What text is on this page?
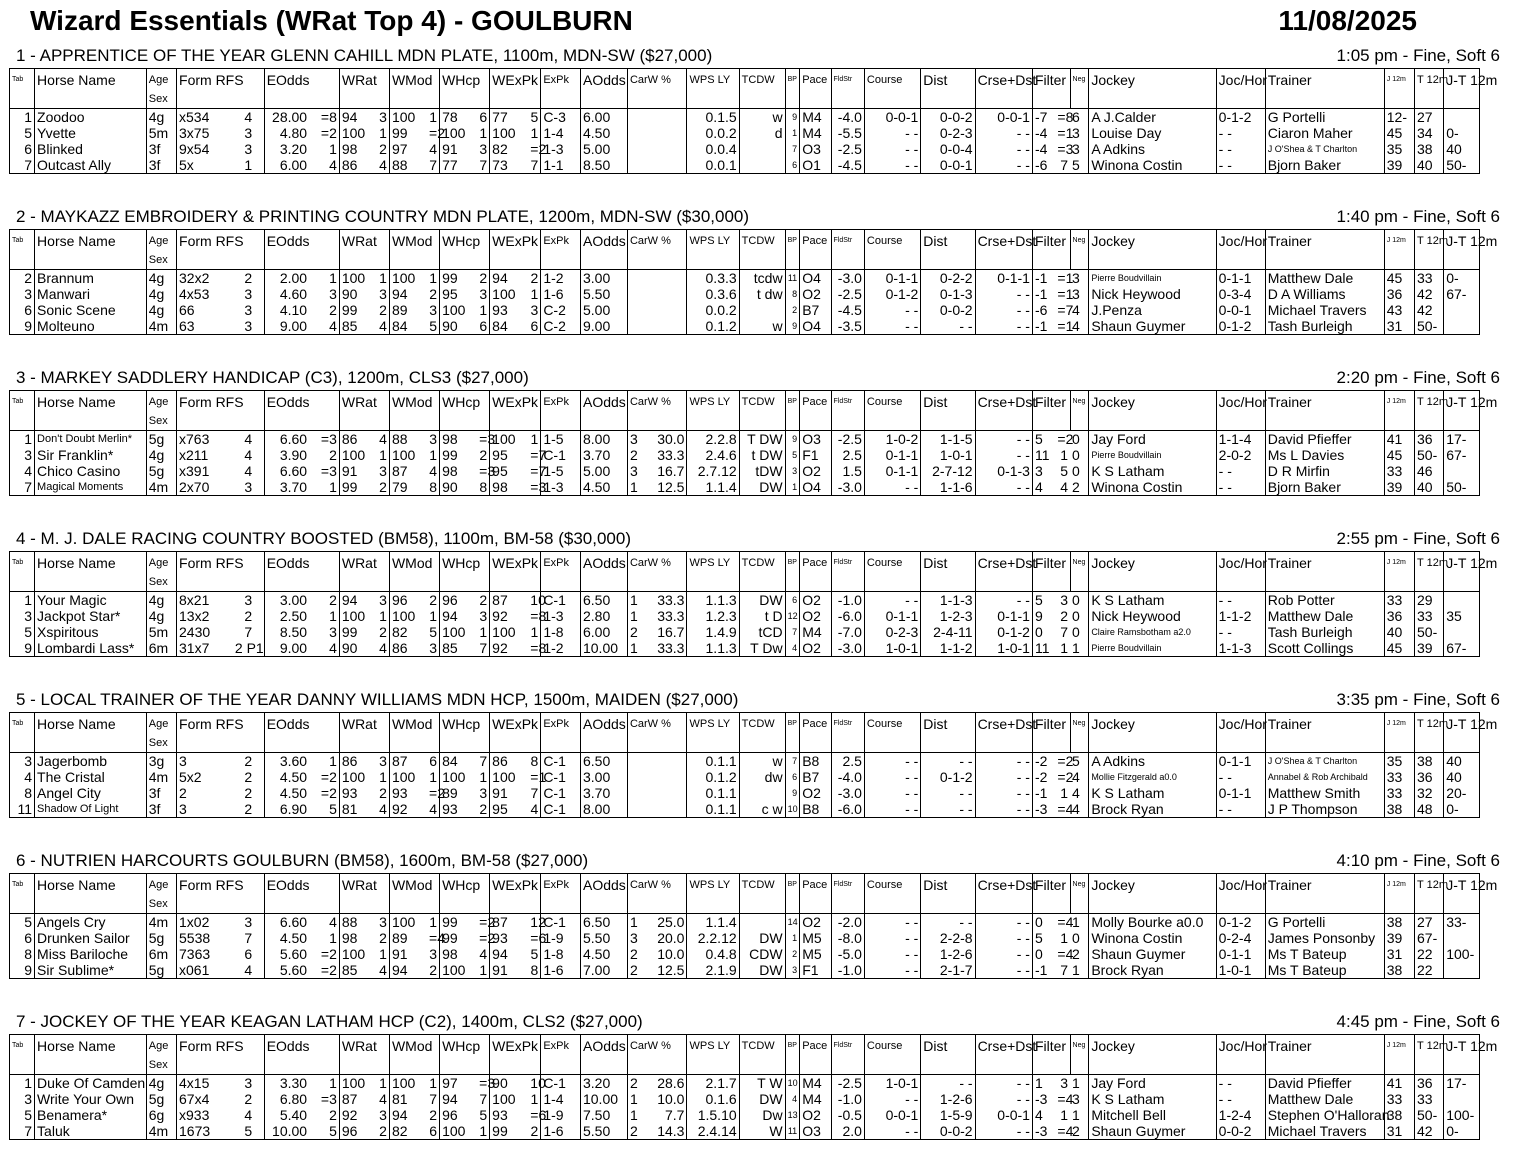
Wizard Essentials (WRat Top 4) - GOULBURN	11/08/2025
1 - APPRENTICE OF THE YEAR GLENN CAHILL MDN PLATE, 1100m, MDN-SW ($27,000)	1:05 pm - Fine, Soft 6
Tab	Horse Name	Age	Form RFS		EOdds		WRat		WMod		WHcp		WExPk		ExPk	AOdds	CarW %		WPS LY	TCDW	BP	Pace	FldStr	Course	Dist	Crse+Dst	Filter		Neg	Jockey	Joc/Hor	Trainer	J 12m	T 12m	J-T 12m
		Sex																																	
1	Zoodoo	4g	x534	4	28.00	=8	94	3	100	1	78	6	77	5	C-3	6.00			0.1.5	w	9	M4	-4.0	0-0-1	0-0-2	0-0-1	-7	=8	6	A J.Calder	0-1-2	G Portelli	12-	27	
5	Yvette	5m	3x75	3	4.80	=2	100	1	99	=2	100	1	100	1	1-4	4.50			0.0.2	d	1	M4	-5.5	- -	0-2-3	- -	-4	=1	3	Louise Day	- -	Ciaron Maher	45	34	0-
6	Blinked	3f	9x54	3	3.20	1	98	2	97	4	91	3	82	=2	1-3	5.00			0.0.4		7	O3	-2.5	- -	0-0-4	- -	-4	=3	3	A Adkins	- -	J O'Shea & T Charlton	35	38	40
7	Outcast Ally	3f	5x	1	6.00	4	86	4	88	7	77	7	73	7	1-1	8.50			0.0.1		6	O1	-4.5	- -	0-0-1	- -	-6	7	5	Winona Costin	- -	Bjorn Baker	39	40	50-
2 - MAYKAZZ EMBROIDERY & PRINTING COUNTRY MDN PLATE, 1200m, MDN-SW ($30,000)	1:40 pm - Fine, Soft 6
Tab	Horse Name	Age	Form RFS		EOdds		WRat		WMod		WHcp		WExPk		ExPk	AOdds	CarW %		WPS LY	TCDW	BP	Pace	FldStr	Course	Dist	Crse+Dst	Filter		Neg	Jockey	Joc/Hor	Trainer	J 12m	T 12m	J-T 12m
		Sex																																	
2	Brannum	4g	32x2	2	2.00	1	100	1	100	1	99	2	94	2	1-2	3.00			0.3.3	tcdw	11	O4	-3.0	0-1-1	0-2-2	0-1-1	-1	=1	3	Pierre Boudvillain	0-1-1	Matthew Dale	45	33	0-
3	Manwari	4g	4x53	3	4.60	3	90	3	94	2	95	3	100	1	1-6	5.50			0.3.6	t dw	8	O2	-2.5	0-1-2	0-1-3	- -	-1	=1	3	Nick Heywood	0-3-4	D A Williams	36	42	67-
6	Sonic Scene	4g	66	3	4.10	2	99	2	89	3	100	1	93	3	C-2	5.00			0.0.2		2	B7	-4.5	- -	0-0-2	- -	-6	=7	4	J.Penza	0-0-1	Michael Travers	43	42	
9	Molteuno	4m	63	3	9.00	4	85	4	84	5	90	6	84	6	C-2	9.00			0.1.2	w	9	O4	-3.5	- -	- -	- -	-1	=1	4	Shaun Guymer	0-1-2	Tash Burleigh	31	50-	
3 - MARKEY SADDLERY HANDICAP (C3), 1200m, CLS3 ($27,000)	2:20 pm - Fine, Soft 6
Tab	Horse Name	Age	Form RFS		EOdds		WRat		WMod		WHcp		WExPk		ExPk	AOdds	CarW %		WPS LY	TCDW	BP	Pace	FldStr	Course	Dist	Crse+Dst	Filter		Neg	Jockey	Joc/Hor	Trainer	J 12m	T 12m	J-T 12m
		Sex																																	
1	Don't Doubt Merlin*	5g	x763	4	6.60	=3	86	4	88	3	98	=3	100	1	1-5	8.00	3	30.0	2.2.8	T DW	9	O3	-2.5	1-0-2	1-1-5	- -	5	=2	0	Jay Ford	1-1-4	David Pfieffer	41	36	17-
3	Sir Franklin*	4g	x211	4	3.90	2	100	1	100	1	99	2	95	=7	C-1	3.70	2	33.3	2.4.6	t DW	5	F1	2.5	0-1-1	1-0-1	- -	11	1	0	Pierre Boudvillain	2-0-2	Ms L Davies	45	50-	67-
4	Chico Casino	5g	x391	4	6.60	=3	91	3	87	4	98	=3	95	=7	1-5	5.00	3	16.7	2.7.12	tDW	3	O2	1.5	0-1-1	2-7-12	0-1-3	3	5	0	K S Latham	- -	D R Mirfin	33	46	
7	Magical Moments	4m	2x70	3	3.70	1	99	2	79	8	90	8	98	=3	1-3	4.50	1	12.5	1.1.4	DW	1	O4	-3.0	- -	1-1-6	- -	4	4	2	Winona Costin	- -	Bjorn Baker	39	40	50-
4 - M. J. DALE RACING COUNTRY BOOSTED (BM58), 1100m, BM-58 ($30,000)	2:55 pm - Fine, Soft 6
Tab	Horse Name	Age	Form RFS		EOdds		WRat		WMod		WHcp		WExPk		ExPk	AOdds	CarW %		WPS LY	TCDW	BP	Pace	FldStr	Course	Dist	Crse+Dst	Filter		Neg	Jockey	Joc/Hor	Trainer	J 12m	T 12m	J-T 12m
		Sex																																	
1	Your Magic	4g	8x21	3	3.00	2	94	3	96	2	96	2	87	10	C-1	6.50	1	33.3	1.1.3	DW	6	O2	-1.0	- -	1-1-3	- -	5	3	0	K S Latham	- -	Rob Potter	33	29	
3	Jackpot Star*	4g	13x2	2	2.50	1	100	1	100	1	94	3	92	=8	1-3	2.80	1	33.3	1.2.3	t D	12	O2	-6.0	0-1-1	1-2-3	0-1-1	9	2	0	Nick Heywood	1-1-2	Matthew Dale	36	33	35
5	Xspiritous	5m	2430	7	8.50	3	99	2	82	5	100	1	100	1	1-8	6.00	2	16.7	1.4.9	tCD	7	M4	-7.0	0-2-3	2-4-11	0-1-2	0	7	0	Claire Ramsbotham a2.0	- -	Tash Burleigh	40	50-	
9	Lombardi Lass*	6m	31x7	2 P1	9.00	4	90	4	86	3	85	7	92	=8	1-2	10.00	1	33.3	1.1.3	T Dw	4	O2	-3.0	1-0-1	1-1-2	1-0-1	11	1	1	Pierre Boudvillain	1-1-3	Scott Collings	45	39	67-
5 - LOCAL TRAINER OF THE YEAR DANNY WILLIAMS MDN HCP, 1500m, MAIDEN ($27,000)	3:35 pm - Fine, Soft 6
Tab	Horse Name	Age	Form RFS		EOdds		WRat		WMod		WHcp		WExPk		ExPk	AOdds	CarW %		WPS LY	TCDW	BP	Pace	FldStr	Course	Dist	Crse+Dst	Filter		Neg	Jockey	Joc/Hor	Trainer	J 12m	T 12m	J-T 12m
		Sex																																	
3	Jagerbomb	3g	3	2	3.60	1	86	3	87	6	84	7	86	8	C-1	6.50			0.1.1	w	7	B8	2.5	- -	- -	- -	-2	=2	5	A Adkins	0-1-1	J O'Shea & T Charlton	35	38	40
4	The Cristal	4m	5x2	2	4.50	=2	100	1	100	1	100	1	100	=1	C-1	3.00			0.1.2	dw	6	B7	-4.0	- -	0-1-2	- -	-2	=2	4	Mollie Fitzgerald a0.0	- -	Annabel & Rob Archibald	33	36	40
8	Angel City	3f	2	2	4.50	=2	93	2	93	=2	89	3	91	7	C-1	3.70			0.1.1		9	O2	-3.0	- -	- -	- -	-1	1	4	K S Latham	0-1-1	Matthew Smith	33	32	20-
11	Shadow Of Light	3f	3	2	6.90	5	81	4	92	4	93	2	95	4	C-1	8.00			0.1.1	c w	10	B8	-6.0	- -	- -	- -	-3	=4	4	Brock Ryan	- -	J P Thompson	38	48	0-
6 - NUTRIEN HARCOURTS GOULBURN (BM58), 1600m, BM-58 ($27,000)	4:10 pm - Fine, Soft 6
Tab	Horse Name	Age	Form RFS		EOdds		WRat		WMod		WHcp		WExPk		ExPk	AOdds	CarW %		WPS LY	TCDW	BP	Pace	FldStr	Course	Dist	Crse+Dst	Filter		Neg	Jockey	Joc/Hor	Trainer	J 12m	T 12m	J-T 12m
		Sex																																	
5	Angels Cry	4m	1x02	3	6.60	4	88	3	100	1	99	=2	87	12	C-1	6.50	1	25.0	1.1.4		14	O2	-2.0	- -	- -	- -	0	=4	1	Molly Bourke a0.0	0-1-2	G Portelli	38	27	33-
6	Drunken Sailor	5g	5538	7	4.50	1	98	2	89	=4	99	=2	93	=6	1-9	5.50	3	20.0	2.2.12	DW	1	M5	-8.0	- -	2-2-8	- -	5	1	0	Winona Costin	0-2-4	James Ponsonby	39	67-	
8	Miss Bariloche	6m	7363	6	5.60	=2	100	1	91	3	98	4	94	5	1-8	4.50	2	10.0	0.4.8	CDW	2	M5	-5.0	- -	1-2-6	- -	0	=4	2	Shaun Guymer	0-1-1	Ms T Bateup	31	22	100-
9	Sir Sublime*	5g	x061	4	5.60	=2	85	4	94	2	100	1	91	8	1-6	7.00	2	12.5	2.1.9	DW	3	F1	-1.0	- -	2-1-7	- -	-1	7	1	Brock Ryan	1-0-1	Ms T Bateup	38	22	
7 - JOCKEY OF THE YEAR KEAGAN LATHAM HCP (C2), 1400m, CLS2 ($27,000)	4:45 pm - Fine, Soft 6
Tab	Horse Name	Age	Form RFS		EOdds		WRat		WMod		WHcp		WExPk		ExPk	AOdds	CarW %		WPS LY	TCDW	BP	Pace	FldStr	Course	Dist	Crse+Dst	Filter		Neg	Jockey	Joc/Hor	Trainer	J 12m	T 12m	J-T 12m
		Sex																																	
1	Duke Of Camden	4g	4x15	3	3.30	1	100	1	100	1	97	=3	90	10	C-1	3.20	2	28.6	2.1.7	T W	10	M4	-2.5	1-0-1	- -	- -	1	3	1	Jay Ford	- -	David Pfieffer	41	36	17-
3	Write Your Own	5g	67x4	2	6.80	=3	87	4	81	7	94	7	100	1	1-4	10.00	1	10.0	0.1.6	DW	4	M4	-1.0	- -	1-2-6	- -	-3	=4	3	K S Latham	- -	Matthew Dale	33	33	
5	Benamera*	6g	x933	4	5.40	2	92	3	94	2	96	5	93	=6	1-9	7.50	1	7.7	1.5.10	Dw	13	O2	-0.5	0-0-1	1-5-9	0-0-1	4	1	1	Mitchell Bell	1-2-4	Stephen O'Halloran	38	50-	100-
7	Taluk	4m	1673	5	10.00	5	96	2	82	6	100	1	99	2	1-6	5.50	2	14.3	2.4.14	W	11	O3	2.0	- -	0-0-2	- -	-3	=4	2	Shaun Guymer	0-0-2	Michael Travers	31	42	0-
